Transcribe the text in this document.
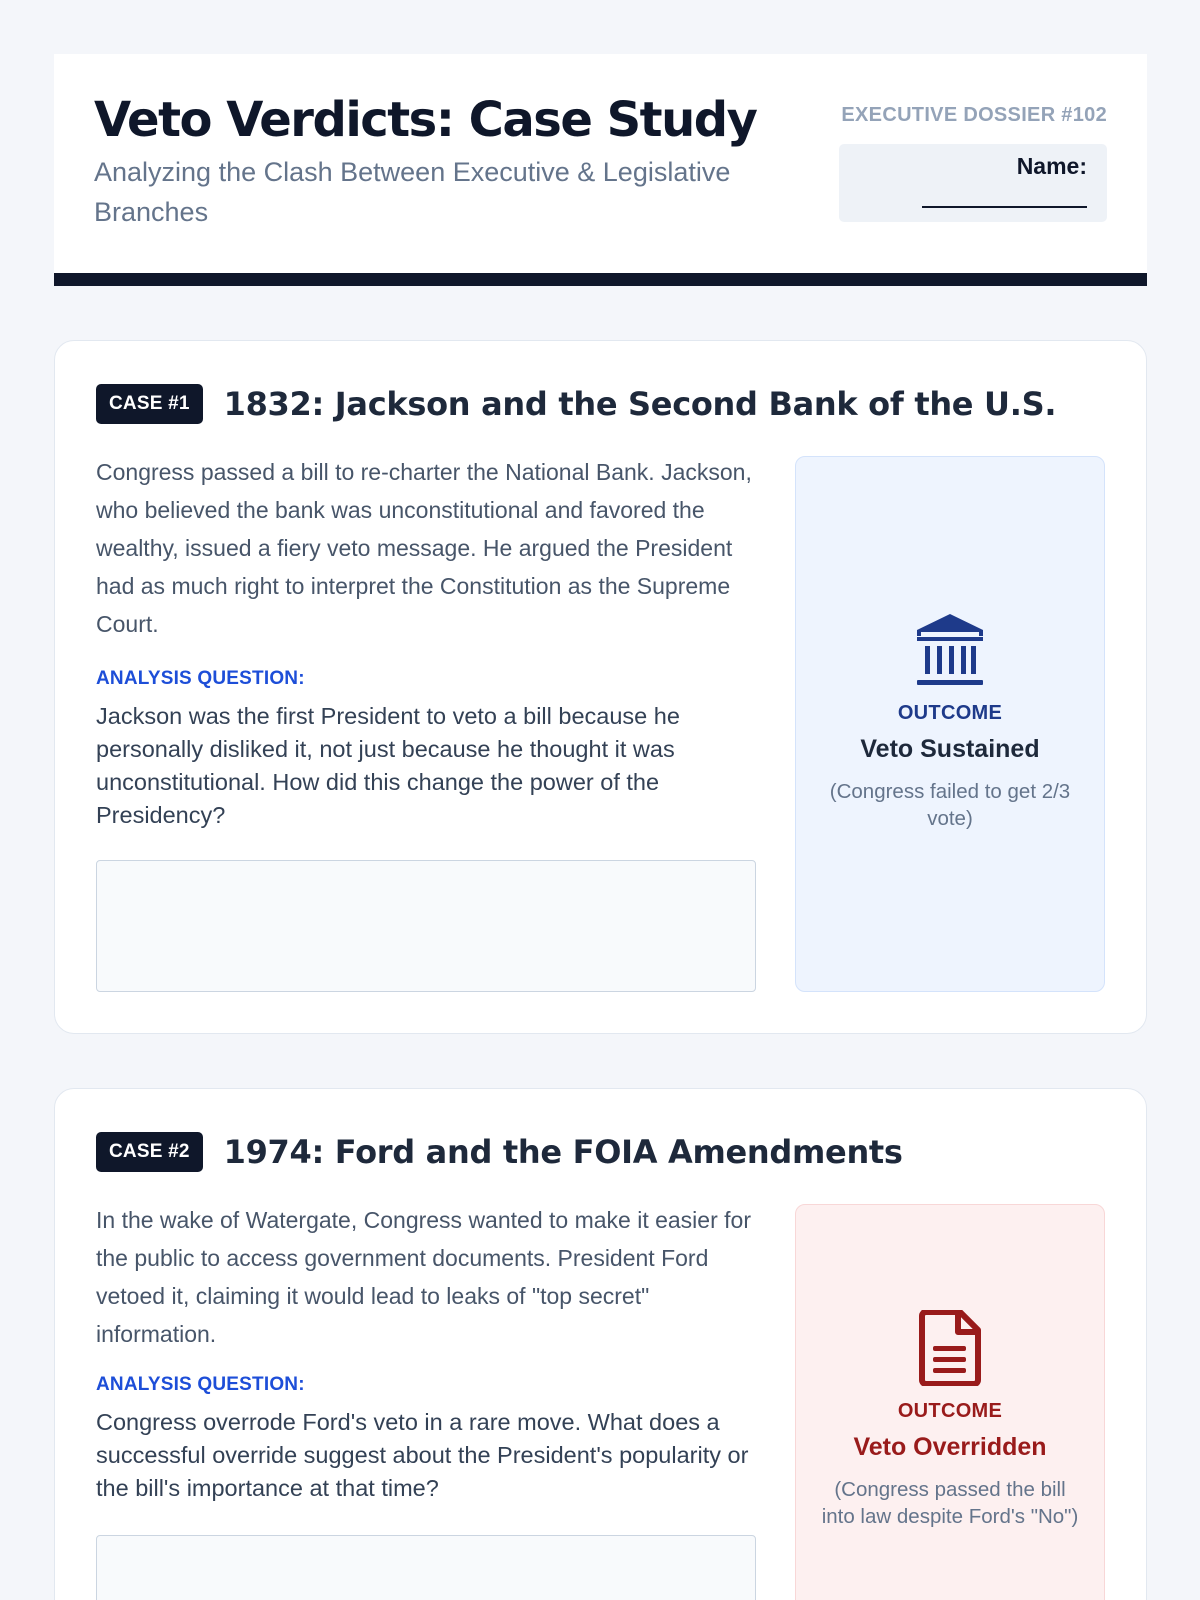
Veto Verdicts: Case Study

Analyzing the Clash Between Executive & Legislative Branches

EXECUTIVE DOSSIER #102
Name:
CASE #1	1832: Jackson and the Second Bank of the U.S.

Congress passed a bill to re-charter the National Bank. Jackson, who believed the bank was unconstitutional and favored the wealthy, issued a fiery veto message. He argued the President had as much right to interpret the Constitution as the Supreme Court.

ANALYSIS QUESTION:

Jackson was the first President to veto a bill because he personally disliked it, not just because he thought it was unconstitutional. How did this change the power of the Presidency?

OUTCOME
Veto Sustained
(Congress failed to get 2/3 vote)
CASE #2	1974: Ford and the FOIA Amendments

In the wake of Watergate, Congress wanted to make it easier for the public to access government documents. President Ford vetoed it, claiming it would lead to leaks of "top secret" information.

ANALYSIS QUESTION:

Congress overrode Ford's veto in a rare move. What does a successful override suggest about the President's popularity or the bill's importance at that time?

OUTCOME
Veto Overridden
(Congress passed the bill into law despite Ford's "No")
